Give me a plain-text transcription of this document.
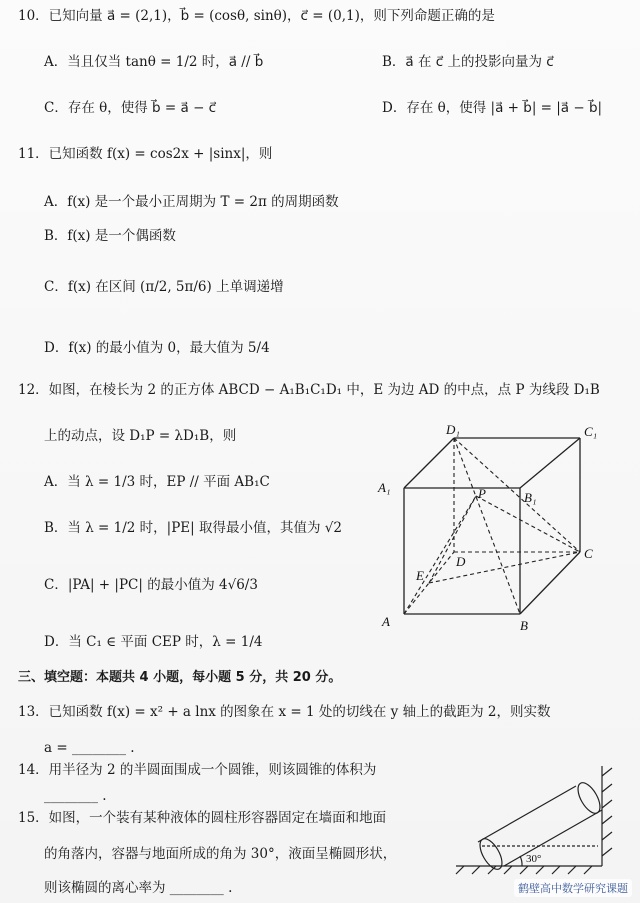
10．已知向量 a⃗ = (2,1)，b⃗ = (cosθ, sinθ)，c⃗ = (0,1)，则下列命题正确的是
A．当且仅当 tanθ = 1/2 时，a⃗ // b⃗	B．a⃗ 在 c⃗ 上的投影向量为 c⃗
C．存在 θ，使得 b⃗ = a⃗ − c⃗	D．存在 θ，使得 |a⃗ + b⃗| = |a⃗ − b⃗|
11．已知函数 f(x) = cos2x + |sinx|，则
A．f(x) 是一个最小正周期为 T = 2π 的周期函数
B．f(x) 是一个偶函数
C．f(x) 在区间 (π/2, 5π/6) 上单调递增
D．f(x) 的最小值为 0，最大值为 5/4
12．如图，在棱长为 2 的正方体 ABCD − A₁B₁C₁D₁ 中，E 为边 AD 的中点，点 P 为线段 D₁B
上的动点，设 D₁P = λD₁B，则
A．当 λ = 1/3 时，EP // 平面 AB₁C
B．当 λ = 1/2 时，|PE| 取得最小值，其值为 √2
C．|PA| + |PC| 的最小值为 4√6/3
D．当 C₁ ∈ 平面 CEP 时，λ = 1/4
D₁	C₁
A₁
B₁
P
D
C
E
A	B
三、填空题：本题共 4 小题，每小题 5 分，共 20 分。
13．已知函数 f(x) = x² + a lnx 的图象在 x = 1 处的切线在 y 轴上的截距为 2，则实数
a = ________ .
14．用半径为 2 的半圆面围成一个圆锥，则该圆锥的体积为
________ .
15．如图，一个装有某种液体的圆柱形容器固定在墙面和地面
的角落内，容器与地面所成的角为 30°，液面呈椭圆形状，
则该椭圆的离心率为 ________ .
30°
鹤壁高中数学研究课题
